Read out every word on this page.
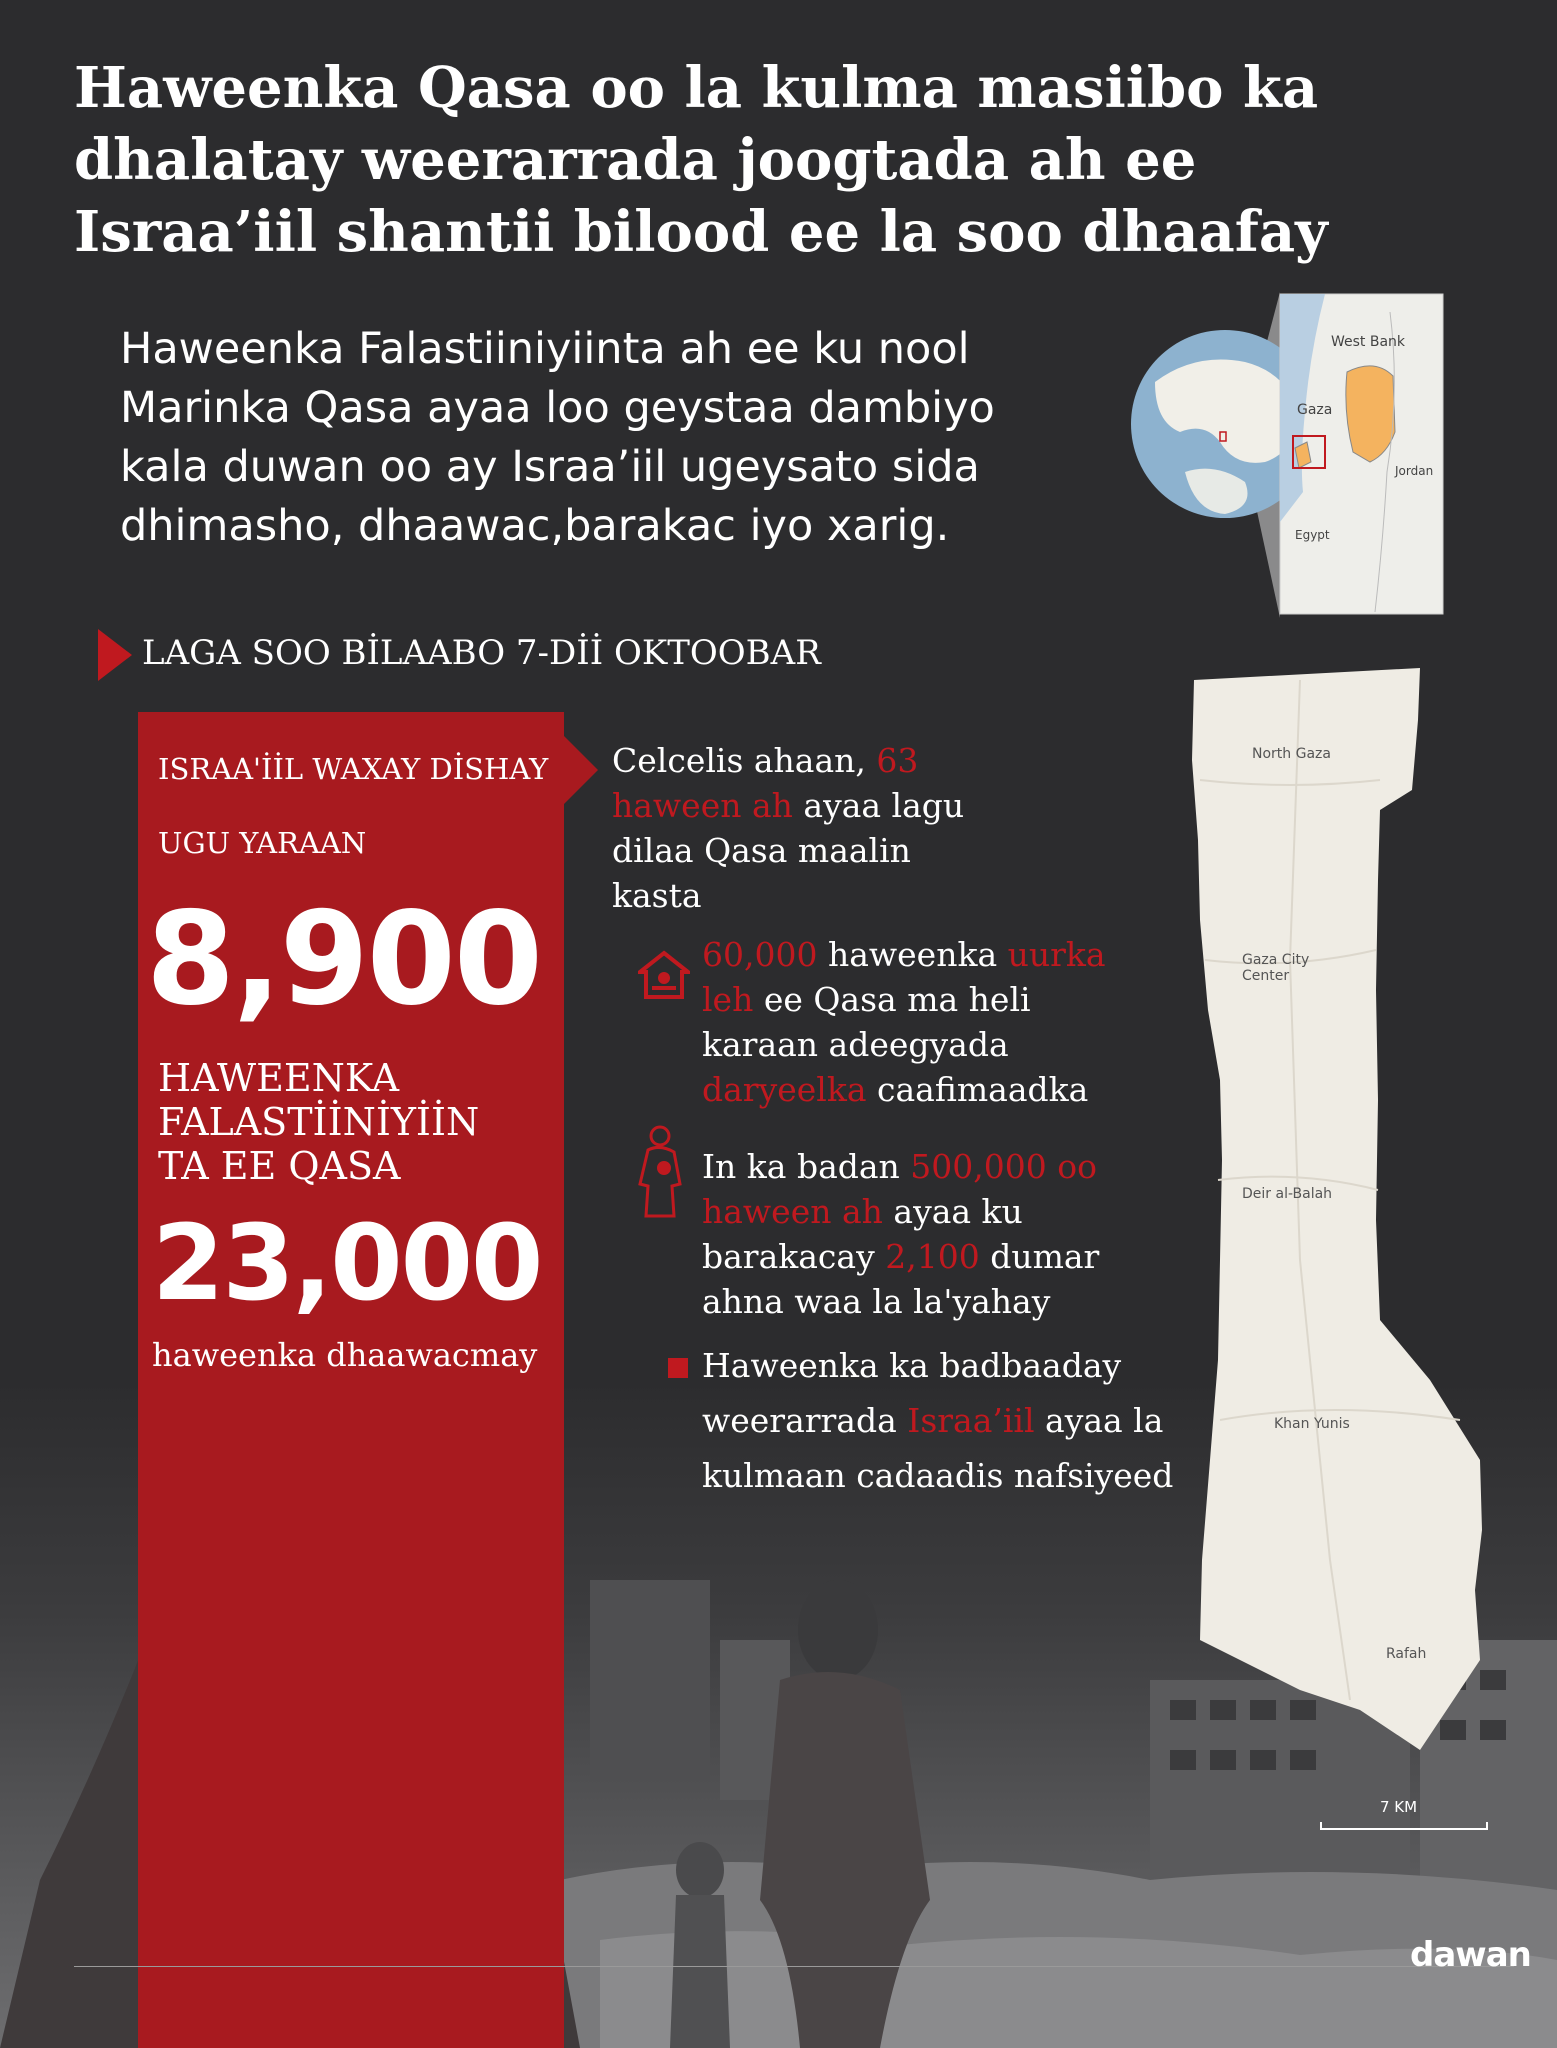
Haweenka Qasa oo la kulma masiibo ka dhalatay weerarrada joogtada ah ee Israa’iil shantii bilood ee la soo dhaafay

Haweenka Falastiiniyiinta ah ee ku nool Marinka Qasa ayaa loo geystaa dambiyo kala duwan oo ay Israa’iil ugeysato sida dhimasho, dhaawac,barakac iyo xarig.

West Bank
Gaza
Jordan
Egypt
LAGA SOO BİLAABO 7-Dİİ OKTOOBAR
ISRAA'İİL WAXAY DİSHAY
UGU YARAAN
8,900
HAWEENKA FALASTİİNİYİİN TA EE QASA
23,000
haweenka dhaawacmay

Celcelis ahaan, 63 haween ah ayaa lagu dilaa Qasa maalin kasta

60,000 haweenka uurka leh ee Qasa ma heli karaan adeegyada daryeelka caafimaadka

In ka badan 500,000 oo haween ah ayaa ku barakacay 2,100 dumar ahna waa la la'yahay

Haweenka ka badbaaday weerarrada Israa’iil ayaa la kulmaan cadaadis nafsiyeed

North Gaza
Gaza City Center
Deir al-Balah
Khan Yunis
Rafah
7 KM
dawan
